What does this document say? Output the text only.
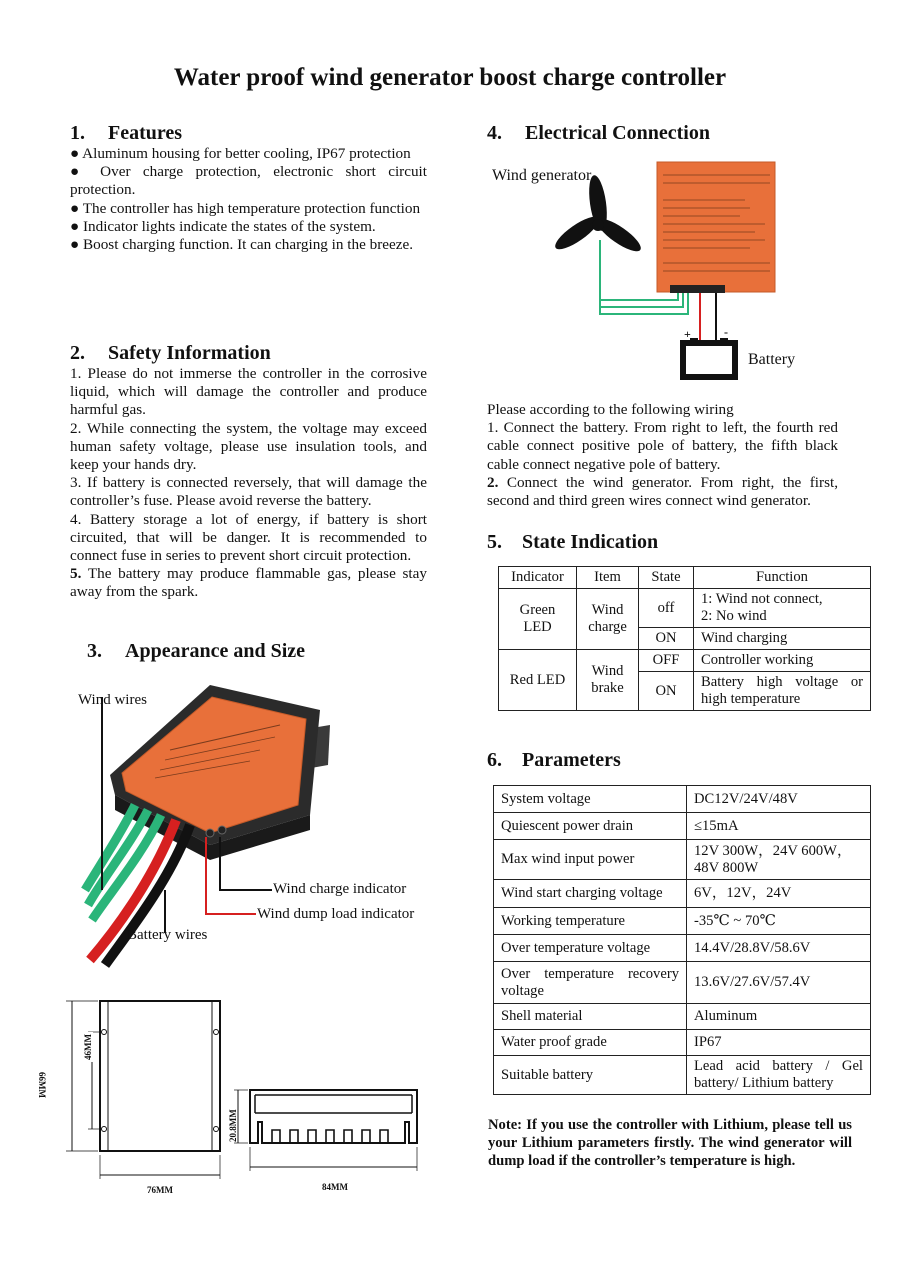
Water proof wind generator boost charge controller
1. Features

● Aluminum housing for better cooling, IP67 protection

● Over charge protection, electronic short circuit protection.

● The controller has high temperature protection function

● Indicator lights indicate the states of the system.

● Boost charging function. It can charging in the breeze.

2. Safety Information

1. Please do not immerse the controller in the corrosive liquid, which will damage the controller and produce harmful gas.

2. While connecting the system, the voltage may exceed human safety voltage, please use insulation tools, and keep your hands dry.

3. If battery is connected reversely, that will damage the controller’s fuse. Please avoid reverse the battery.

4. Battery storage a lot of energy, if battery is short circuited, that will be danger. It is recommended to connect fuse in series to prevent short circuit protection.

5. The battery may produce flammable gas, please stay away from the spark.

3. Appearance and Size
Wind wires
Wind charge indicator
Wind dump load indicator
Battery wires
66MM
46MM
76MM
20.8MM
84MM
4. Electrical Connection
Wind generator
Battery
+	-

Please according to the following wiring

1. Connect the battery. From right to left, the fourth red cable connect positive pole of battery, the fifth black cable connect negative pole of battery.

2. Connect the wind generator. From right, the first, second and third green wires connect wind generator.

5. State Indication
Indicator	Item	State	Function
Green LED	Wind charge	off	1: Wind not connect,
2: No wind

		ON	Wind charging
Red LED	Wind brake	OFF	Controller working
		ON	Battery high voltage or high temperature
6. Parameters
System voltage	DC12V/24V/48V
Quiescent power drain	≤15mA
Max wind input power	12V 300W，24V 600W，48V 800W
Wind start charging voltage	6V，12V，24V
Working temperature	-35℃ ~ 70℃
Over temperature voltage	14.4V/28.8V/58.6V
Over temperature recovery voltage	13.6V/27.6V/57.4V
Shell material	Aluminum
Water proof grade	IP67
Suitable battery	Lead acid battery / Gel battery/ Lithium battery
Note: If you use the controller with Lithium, please tell us your Lithium parameters firstly. The wind generator will dump load if the controller’s temperature is high.
